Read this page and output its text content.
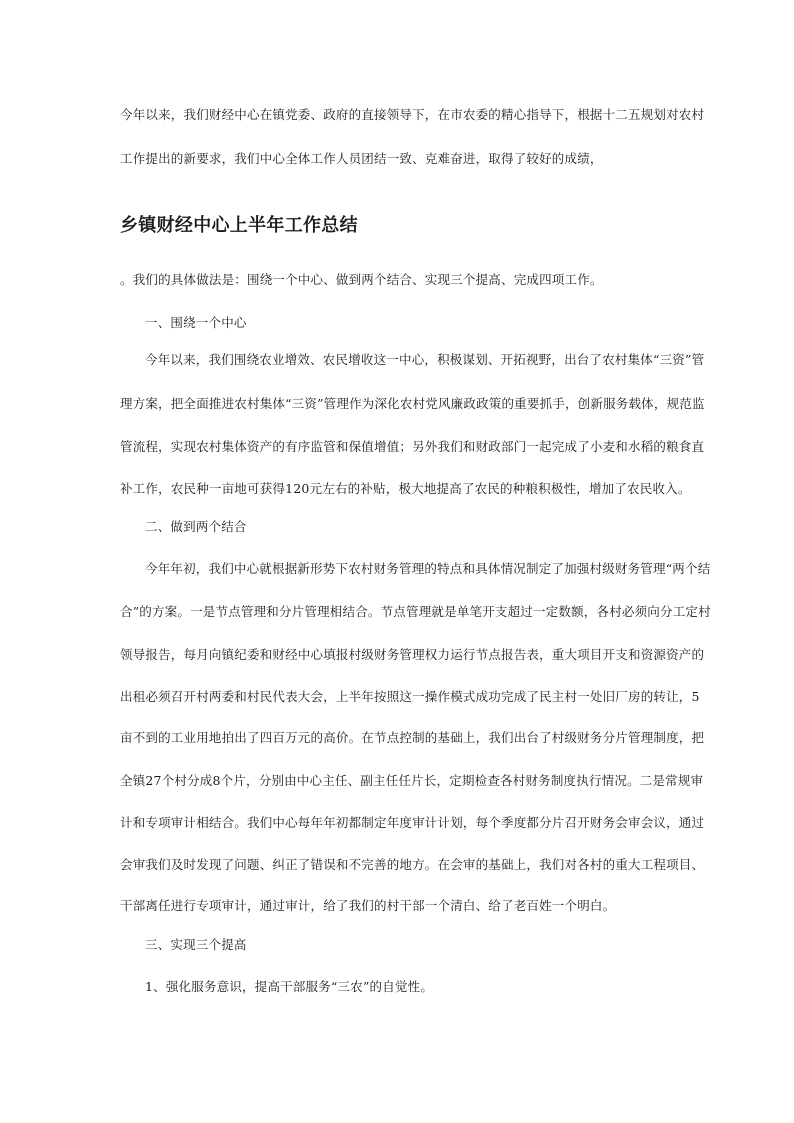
今年以来，我们财经中心在镇党委、政府的直接领导下，在市农委的精心指导下，根据十二五规划对农村
工作提出的新要求，我们中心全体工作人员团结一致、克难奋进，取得了较好的成绩，
乡镇财经中心上半年工作总结
。我们的具体做法是：围绕一个中心、做到两个结合、实现三个提高、完成四项工作。
一、围绕一个中心
今年以来，我们围绕农业增效、农民增收这一中心，积极谋划、开拓视野，出台了农村集体“三资”管
理方案，把全面推进农村集体“三资”管理作为深化农村党风廉政政策的重要抓手，创新服务载体，规范监
管流程，实现农村集体资产的有序监管和保值增值；另外我们和财政部门一起完成了小麦和水稻的粮食直
补工作，农民种一亩地可获得120元左右的补贴，极大地提高了农民的种粮积极性，增加了农民收入。
二、做到两个结合
今年年初，我们中心就根据新形势下农村财务管理的特点和具体情况制定了加强村级财务管理“两个结
合”的方案。一是节点管理和分片管理相结合。节点管理就是单笔开支超过一定数额，各村必须向分工定村
领导报告，每月向镇纪委和财经中心填报村级财务管理权力运行节点报告表，重大项目开支和资源资产的
出租必须召开村两委和村民代表大会，上半年按照这一操作模式成功完成了民主村一处旧厂房的转让，5
亩不到的工业用地拍出了四百万元的高价。在节点控制的基础上，我们出台了村级财务分片管理制度，把
全镇27个村分成8个片，分别由中心主任、副主任任片长，定期检查各村财务制度执行情况。二是常规审
计和专项审计相结合。我们中心每年年初都制定年度审计计划，每个季度都分片召开财务会审会议，通过
会审我们及时发现了问题、纠正了错误和不完善的地方。在会审的基础上，我们对各村的重大工程项目、
干部离任进行专项审计，通过审计，给了我们的村干部一个清白、给了老百姓一个明白。
三、实现三个提高
1、强化服务意识，提高干部服务“三农”的自觉性。
